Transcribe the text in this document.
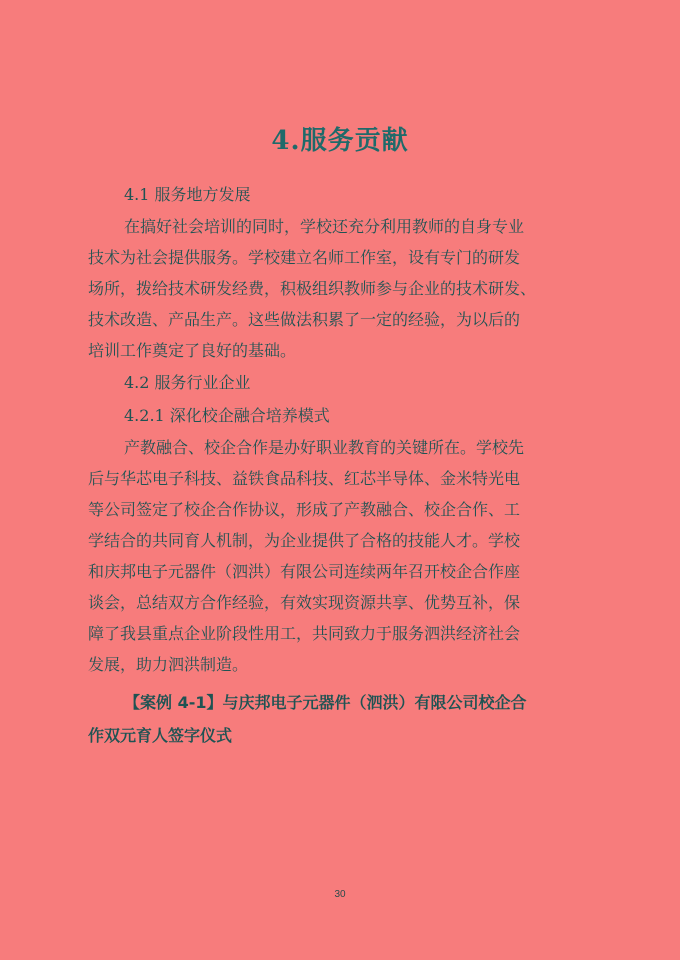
4.服务贡献
4.1 服务地方发展

在搞好社会培训的同时，学校还充分利用教师的自身专业
技术为社会提供服务。学校建立名师工作室，设有专门的研发
场所，拨给技术研发经费，积极组织教师参与企业的技术研发、
技术改造、产品生产。这些做法积累了一定的经验，为以后的
培训工作奠定了良好的基础。

4.2 服务行业企业
4.2.1 深化校企融合培养模式

产教融合、校企合作是办好职业教育的关键所在。学校先
后与华芯电子科技、益铁食品科技、红芯半导体、金米特光电
等公司签定了校企合作协议，形成了产教融合、校企合作、工
学结合的共同育人机制，为企业提供了合格的技能人才。学校
和庆邦电子元器件（泗洪）有限公司连续两年召开校企合作座
谈会，总结双方合作经验，有效实现资源共享、优势互补，保
障了我县重点企业阶段性用工，共同致力于服务泗洪经济社会
发展，助力泗洪制造。

【案例 4-1】与庆邦电子元器件（泗洪）有限公司校企合
作双元育人签字仪式

30
